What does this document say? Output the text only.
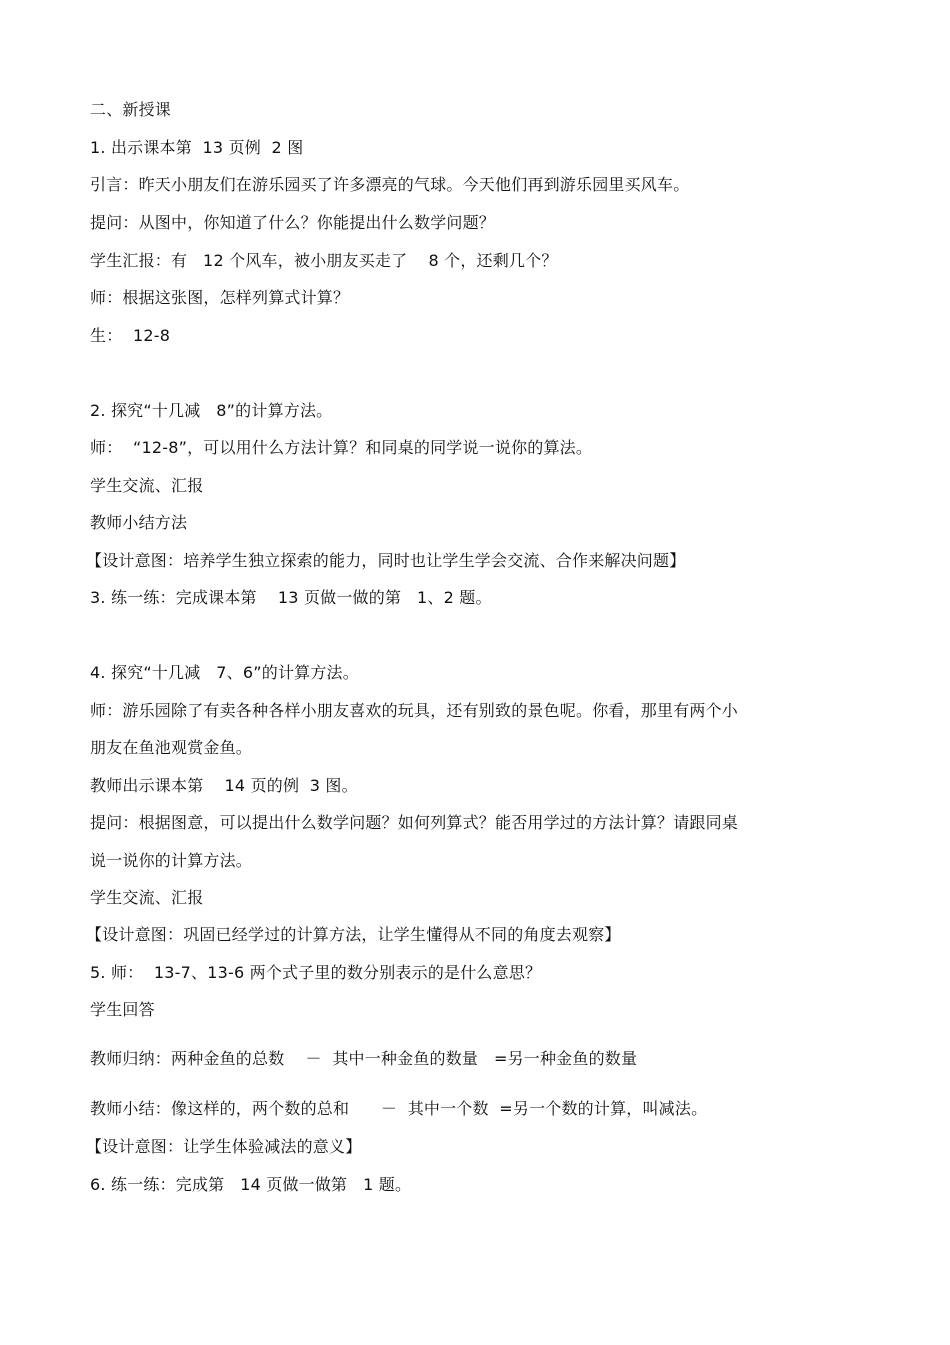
二、新授课
1. 出示课本第  13 页例  2 图
引言：昨天小朋友们在游乐园买了许多漂亮的气球。今天他们再到游乐园里买风车。
提问：从图中，你知道了什么？你能提出什么数学问题？
学生汇报：有   12 个风车，被小朋友买走了    8 个，还剩几个？
师：根据这张图，怎样列算式计算？
生：  12-8
2. 探究“十几减   8”的计算方法。
师：  “12-8”，可以用什么方法计算？和同桌的同学说一说你的算法。
学生交流、汇报
教师小结方法
【设计意图：培养学生独立探索的能力，同时也让学生学会交流、合作来解决问题】
3. 练一练：完成课本第    13 页做一做的第   1、2 题。
4. 探究“十几减   7、6”的计算方法。
师：游乐园除了有卖各种各样小朋友喜欢的玩具，还有别致的景色呢。你看，那里有两个小
朋友在鱼池观赏金鱼。
教师出示课本第    14 页的例  3 图。
提问：根据图意，可以提出什么数学问题？如何列算式？能否用学过的方法计算？请跟同桌
说一说你的计算方法。
学生交流、汇报
【设计意图：巩固已经学过的计算方法，让学生懂得从不同的角度去观察】
5. 师：  13-7、13-6 两个式子里的数分别表示的是什么意思？
学生回答
教师归纳：两种金鱼的总数    －  其中一种金鱼的数量   =另一种金鱼的数量
教师小结：像这样的，两个数的总和      －  其中一个数  =另一个数的计算，叫减法。
【设计意图：让学生体验减法的意义】
6. 练一练：完成第   14 页做一做第   1 题。
